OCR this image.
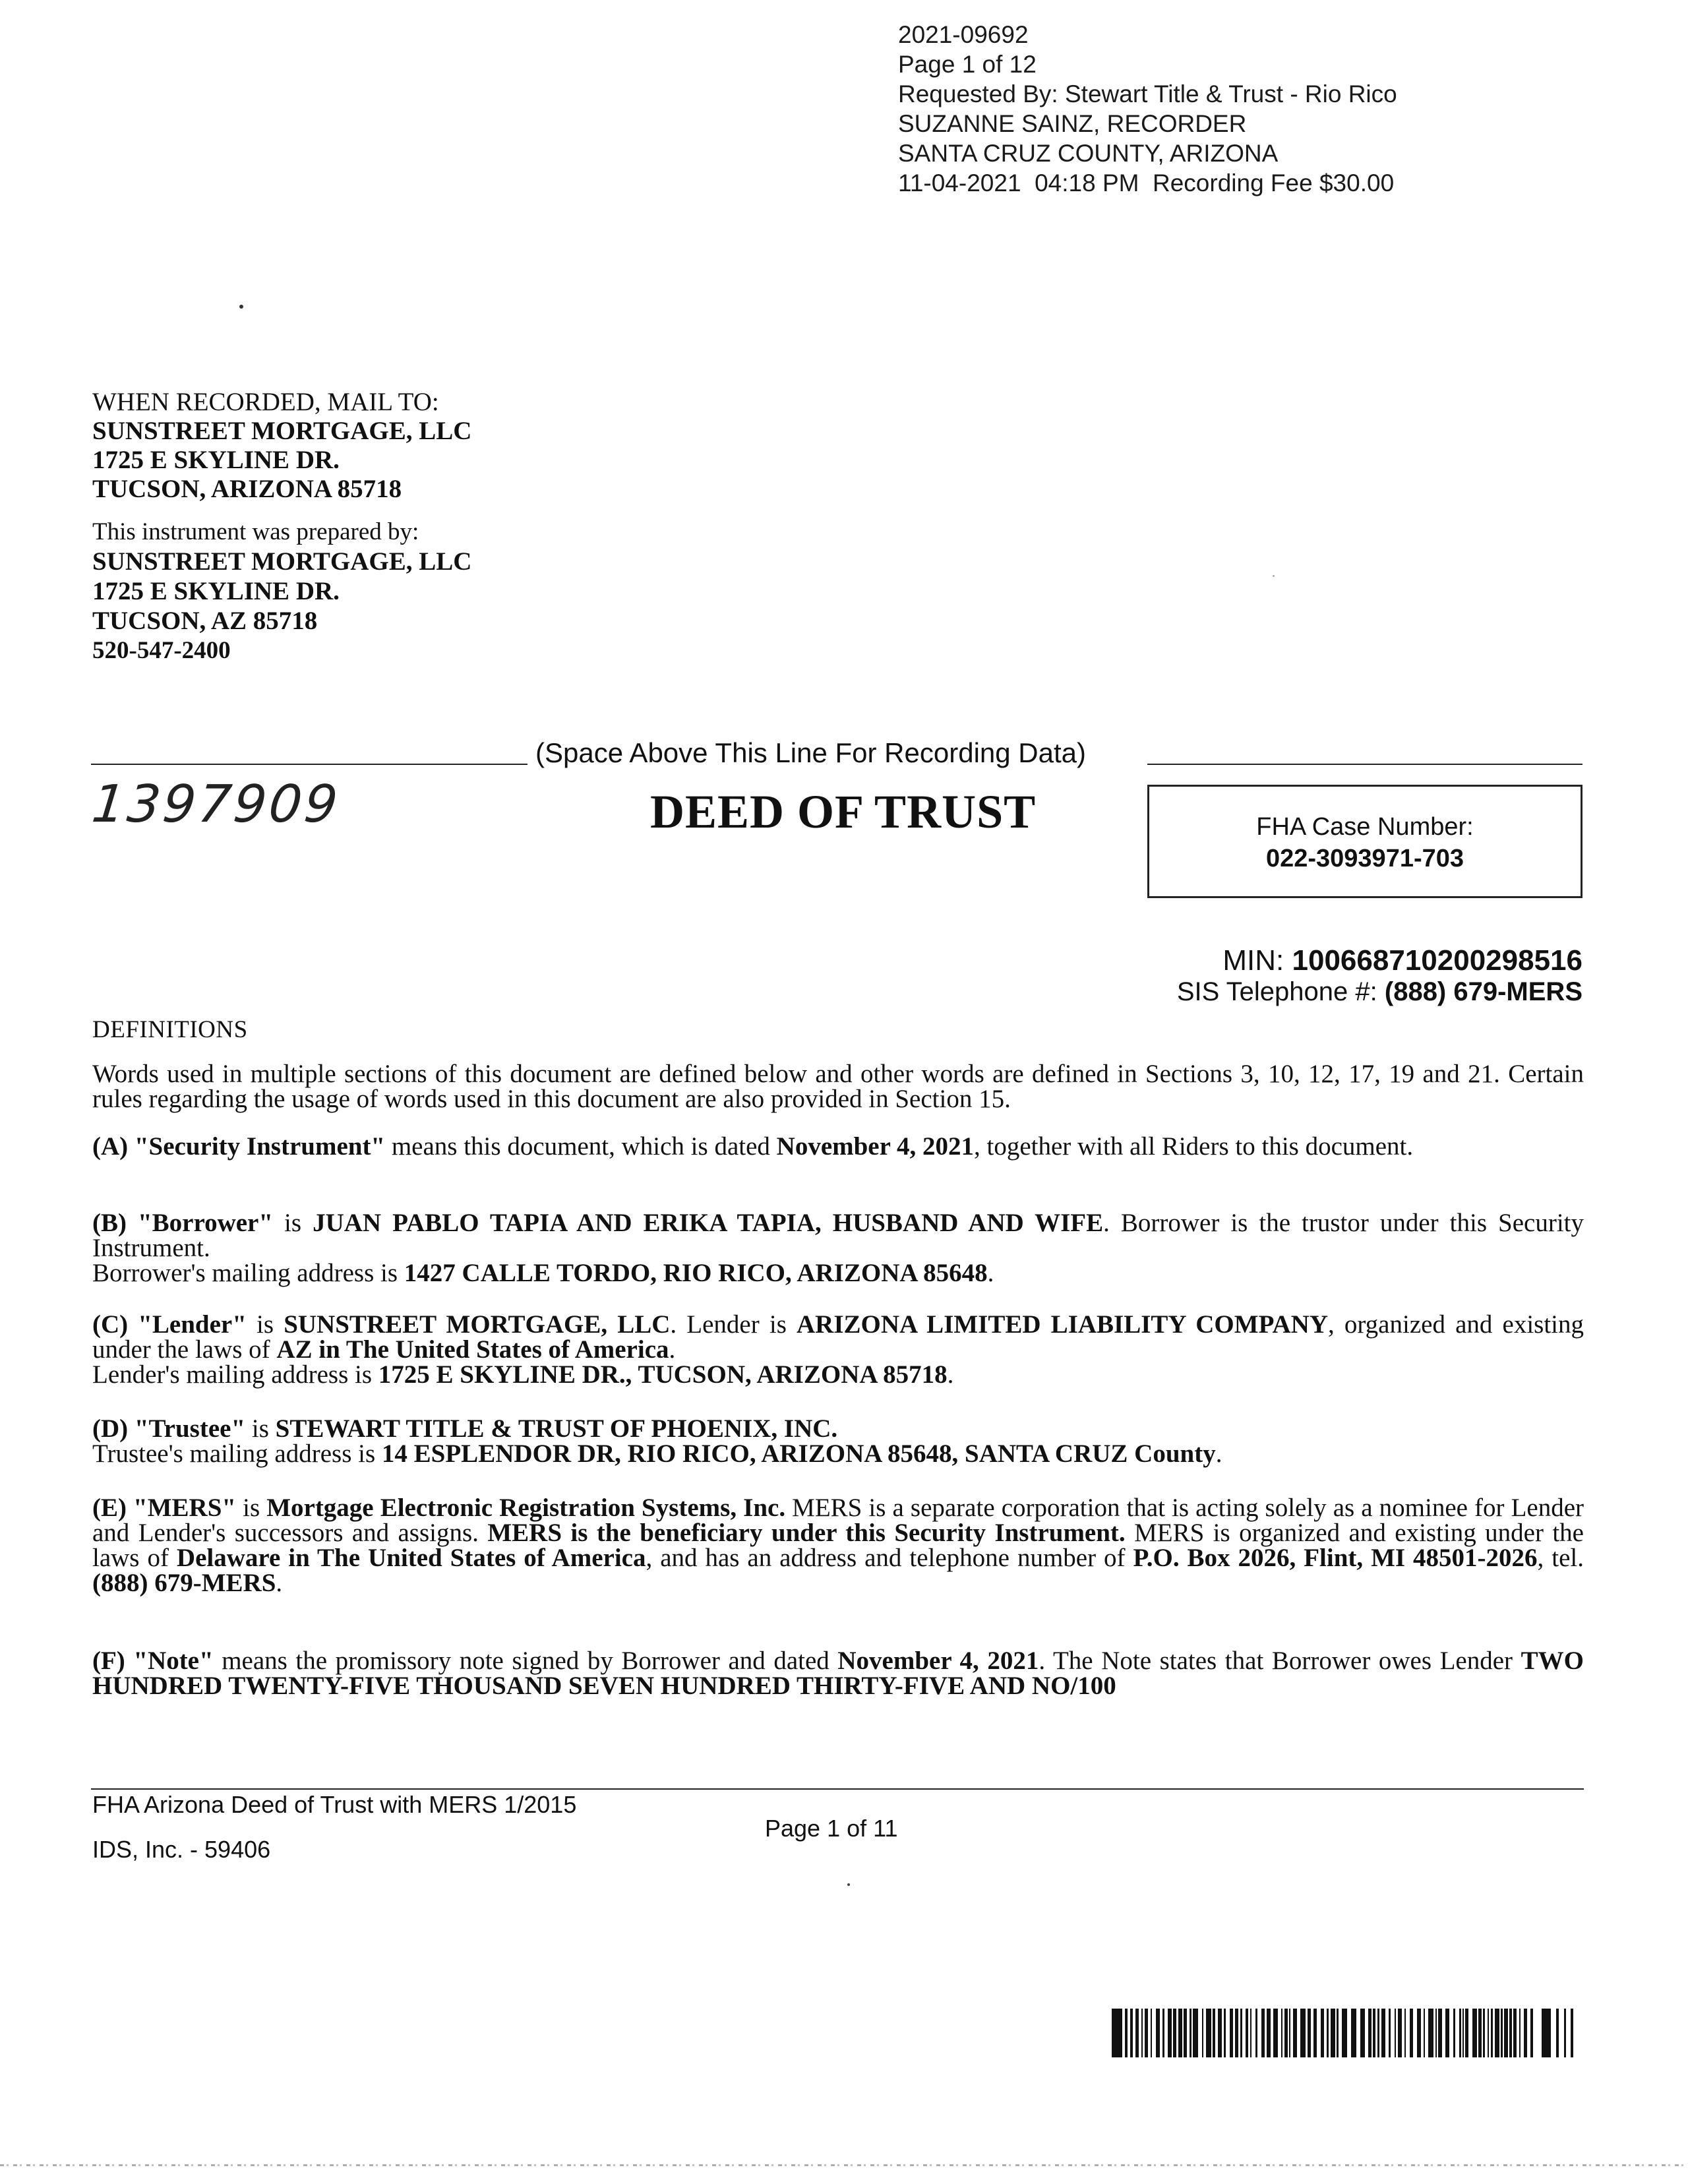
2021-09692
Page 1 of 12
Requested By: Stewart Title & Trust - Rio Rico
SUZANNE SAINZ, RECORDER
SANTA CRUZ COUNTY, ARIZONA
11-04-2021  04:18 PM  Recording Fee $30.00
WHEN RECORDED, MAIL TO:
SUNSTREET MORTGAGE, LLC
1725 E SKYLINE DR.
TUCSON, ARIZONA 85718
This instrument was prepared by:
SUNSTREET MORTGAGE, LLC
1725 E SKYLINE DR.
TUCSON, AZ 85718
520-547-2400
(Space Above This Line For Recording Data)
1397909	DEED OF TRUST	FHA Case Number:
022-3093971-703
MIN: 100668710200298516
SIS Telephone #: (888) 679-MERS
DEFINITIONS

Words used in multiple sections of this document are defined below and other words are defined in Sections 3, 10, 12, 17, 19 and 21. Certain rules regarding the usage of words used in this document are also provided in Section 15.

(A) "Security Instrument" means this document, which is dated November 4, 2021, together with all Riders to this document.

(B) "Borrower" is JUAN PABLO TAPIA AND ERIKA TAPIA, HUSBAND AND WIFE. Borrower is the trustor under this Security Instrument.

Borrower's mailing address is 1427 CALLE TORDO, RIO RICO, ARIZONA 85648.

(C) "Lender" is SUNSTREET MORTGAGE, LLC. Lender is ARIZONA LIMITED LIABILITY COMPANY, organized and existing under the laws of AZ in The United States of America.

Lender's mailing address is 1725 E SKYLINE DR., TUCSON, ARIZONA 85718.

(D) "Trustee" is STEWART TITLE & TRUST OF PHOENIX, INC.

Trustee's mailing address is 14 ESPLENDOR DR, RIO RICO, ARIZONA 85648, SANTA CRUZ County.

(E) "MERS" is Mortgage Electronic Registration Systems, Inc. MERS is a separate corporation that is acting solely as a nominee for Lender and Lender's successors and assigns. MERS is the beneficiary under this Security Instrument. MERS is organized and existing under the laws of Delaware in The United States of America, and has an address and telephone number of P.O. Box 2026, Flint, MI 48501-2026, tel. (888) 679-MERS.

(F) "Note" means the promissory note signed by Borrower and dated November 4, 2021. The Note states that Borrower owes Lender TWO HUNDRED TWENTY-FIVE THOUSAND SEVEN HUNDRED THIRTY-FIVE AND NO/100

FHA Arizona Deed of Trust with MERS 1/2015
Page 1 of 11
IDS, Inc. - 59406
